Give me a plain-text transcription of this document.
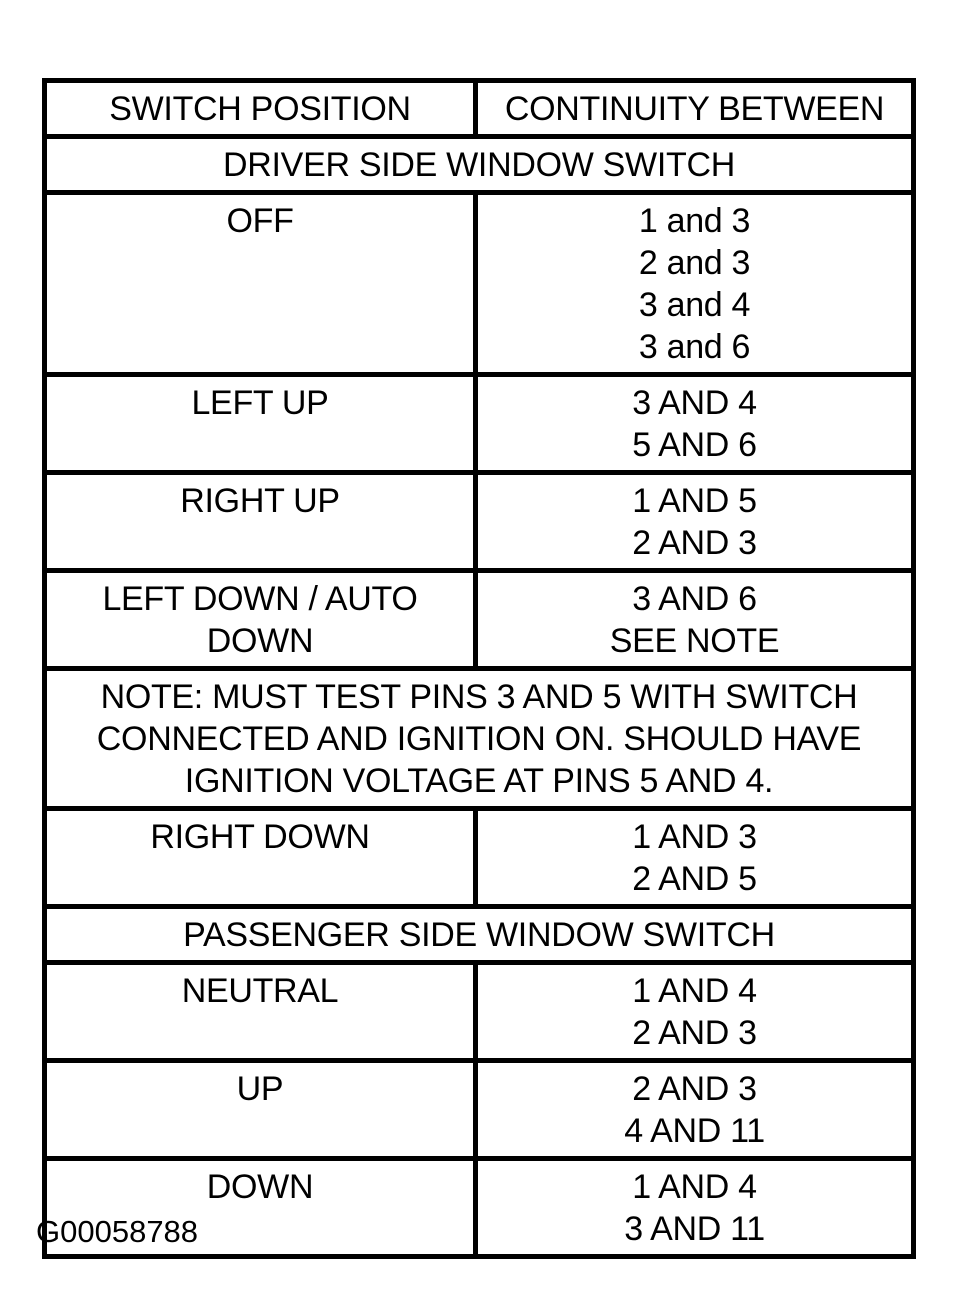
SWITCH POSITION	CONTINUITY BETWEEN
DRIVER SIDE WINDOW SWITCH	

OFF	1 and 3
2 and 3
3 and 4
3 and 6

LEFT UP	3 AND 4
5 AND 6

RIGHT UP	1 AND 5
2 AND 3

LEFT DOWN / AUTO DOWN	3 AND 6
SEE NOTE

NOTE: MUST TEST PINS 3 AND 5 WITH SWITCH CONNECTED AND IGNITION ON. SHOULD HAVE IGNITION VOLTAGE AT PINS 5 AND 4.	

RIGHT DOWN	1 AND 3
2 AND 5

PASSENGER SIDE WINDOW SWITCH	

NEUTRAL	1 AND 4
2 AND 3

UP	2 AND 3
4 AND 11

DOWN	1 AND 4
3 AND 11
G00058788
